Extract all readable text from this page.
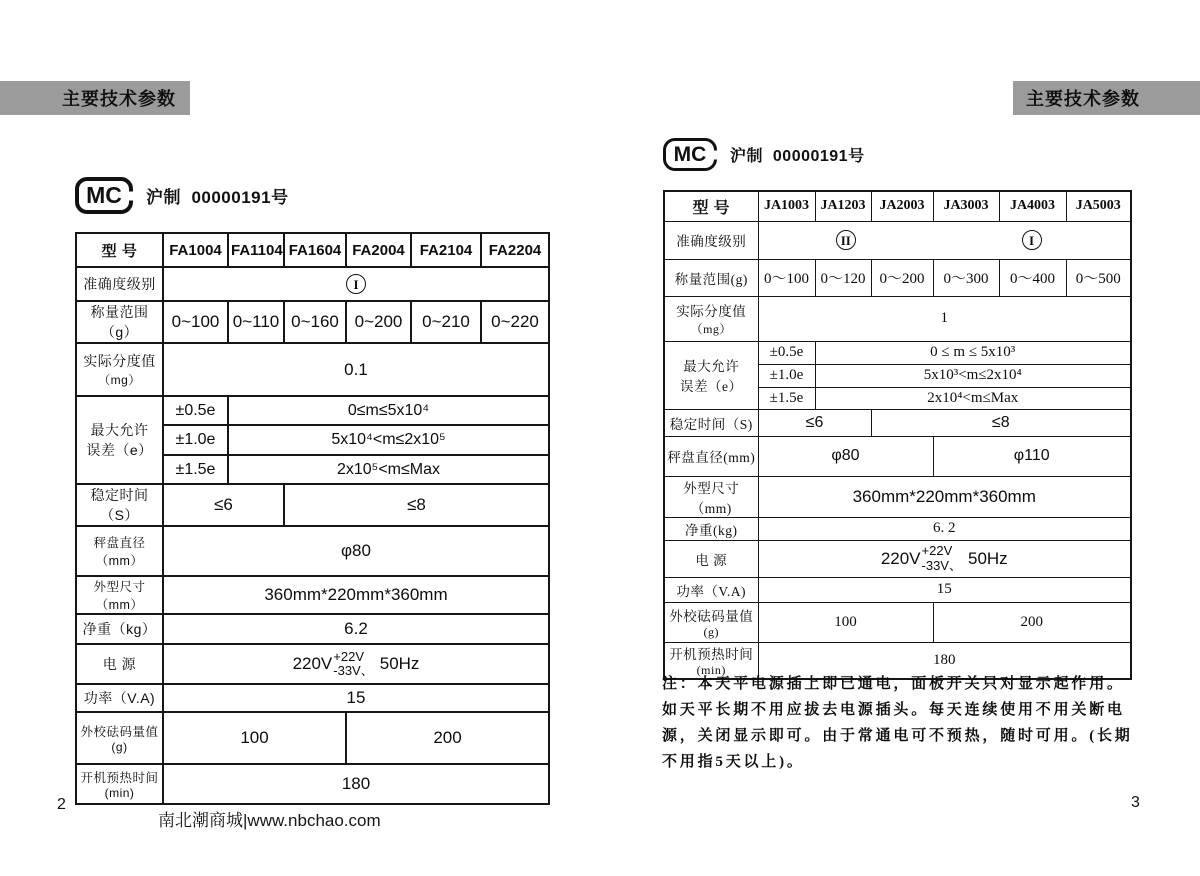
主要技术参数	主要技术参数
MC	沪制  00000191号
MC	沪制  00000191号
型 号	FA1004	FA1104	FA1604	FA2004	FA2104	FA2204
准确度级别	I					
称量范围（g）	0~100	0~110	0~160	0~200	0~210	0~220

实际分度值
（mg）	0.1					

最大允许
误差（e）	±0.5e	0≤m≤5x10⁴				
	±1.0e	5x10⁴<m≤2x10⁵				
	±1.5e	2x10⁵<m≤Max				
稳定时间（S）	≤6		≤8			
秤盘直径（mm）	φ80					
外型尺寸（mm）	360mm*220mm*360mm					
净重（kg）	6.2					
电 源	220V +22V
-33V、 50Hz					

功率（V.A)	15					

外校砝码量值
(g)	100			200		

开机预热时间
(min)	180					
型 号	JA1003	JA1203	JA2003	JA3003	JA4003	JA5003
准确度级别	II			I		
称量范围(g)	0～100	0～120	0～200	0～300	0～400	0～500

实际分度值
（mg）	1					

最大允许
误差（e）	±0.5e	0 ≤ m ≤ 5x10³				
	±1.0e	5x10³<m≤2x10⁴				
	±1.5e	2x10⁴<m≤Max				
稳定时间（S)	≤6		≤8			
秤盘直径(mm)	φ80			φ110		
外型尺寸（mm)	360mm*220mm*360mm					
净重(kg)	6. 2					
电 源	220V +22V
-33V、 50Hz					

功率（V.A)	15					

外校砝码量值
(g)	100			200		

开机预热时间
(min)	180					
注：本天平电源插上即已通电，面板开关只对显示起作用。
如天平长期不用应拔去电源插头。每天连续使用不用关断电
源，关闭显示即可。由于常通电可不预热，随时可用。(长期
不用指5天以上)。
2
南北潮商城|www.nbchao.com
3
